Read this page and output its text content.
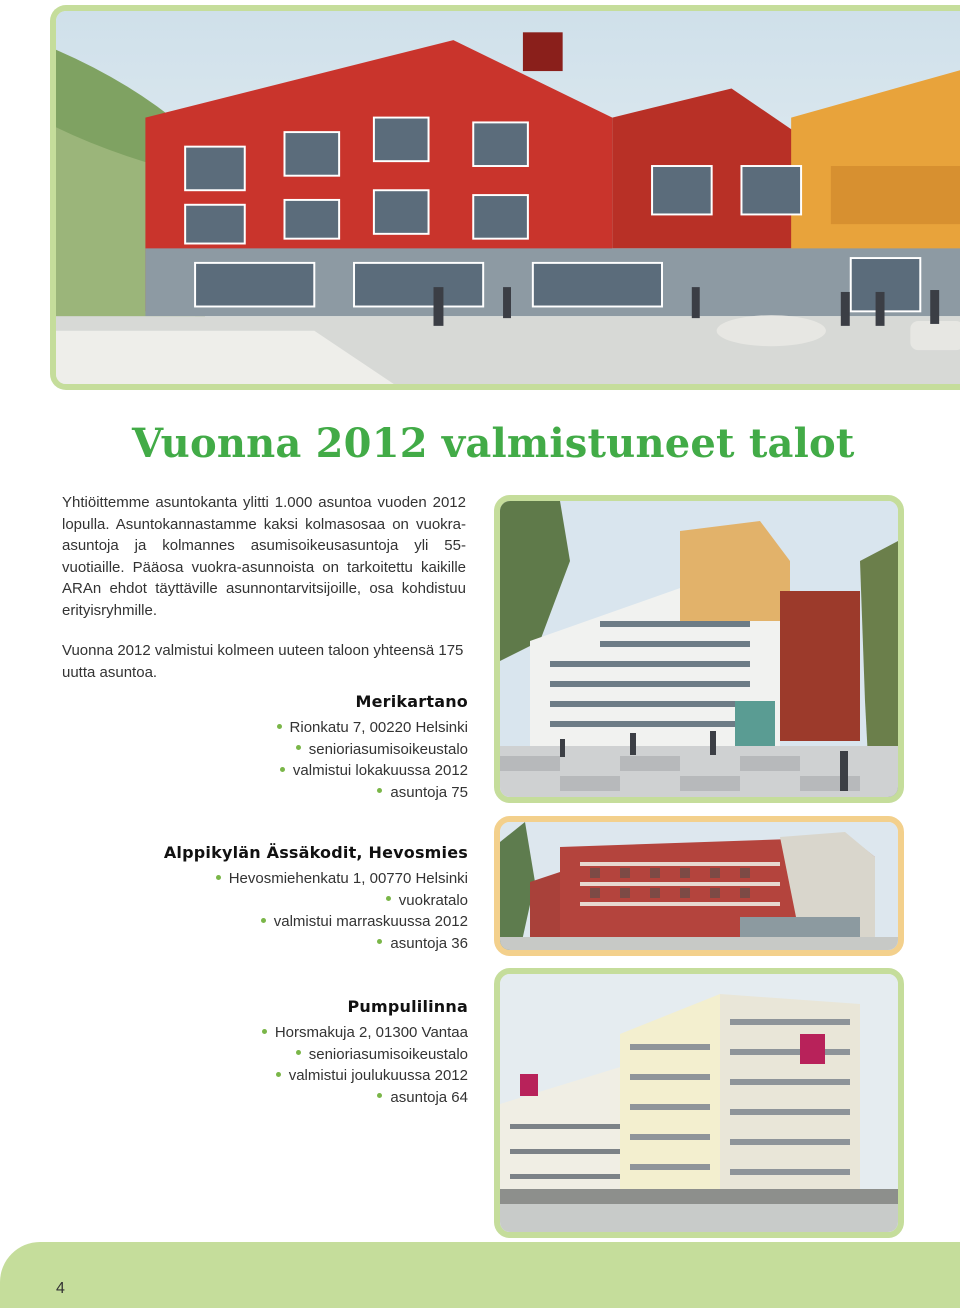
Vuonna 2012 valmistuneet talot

Yhtiöittemme asuntokanta ylitti 1.000 asuntoa vuoden 2012 lopulla. Asuntokannastamme kaksi kolmasosaa on vuokra-asuntoja ja kolmannes asumisoikeusasuntoja yli 55-vuotiaille. Pääosa vuokra-asunnoista on tarkoitettu kaikille ARAn ehdot täyttäville asunnontarvitsijoille, osa kohdistuu erityisryhmille.

Vuonna 2012 valmistui kolmeen uuteen taloon yhteensä 175 uutta asuntoa.

Merikartano
Rionkatu 7, 00220 Helsinki
senioriasumisoikeustalo
valmistui lokakuussa 2012
asuntoja 75
Alppikylän Ässäkodit, Hevosmies
Hevosmiehenkatu 1, 00770 Helsinki
vuokratalo
valmistui marraskuussa 2012
asuntoja 36
Pumpulilinna
Horsmakuja 2, 01300 Vantaa
senioriasumisoikeustalo
valmistui joulukuussa 2012
asuntoja 64
4
